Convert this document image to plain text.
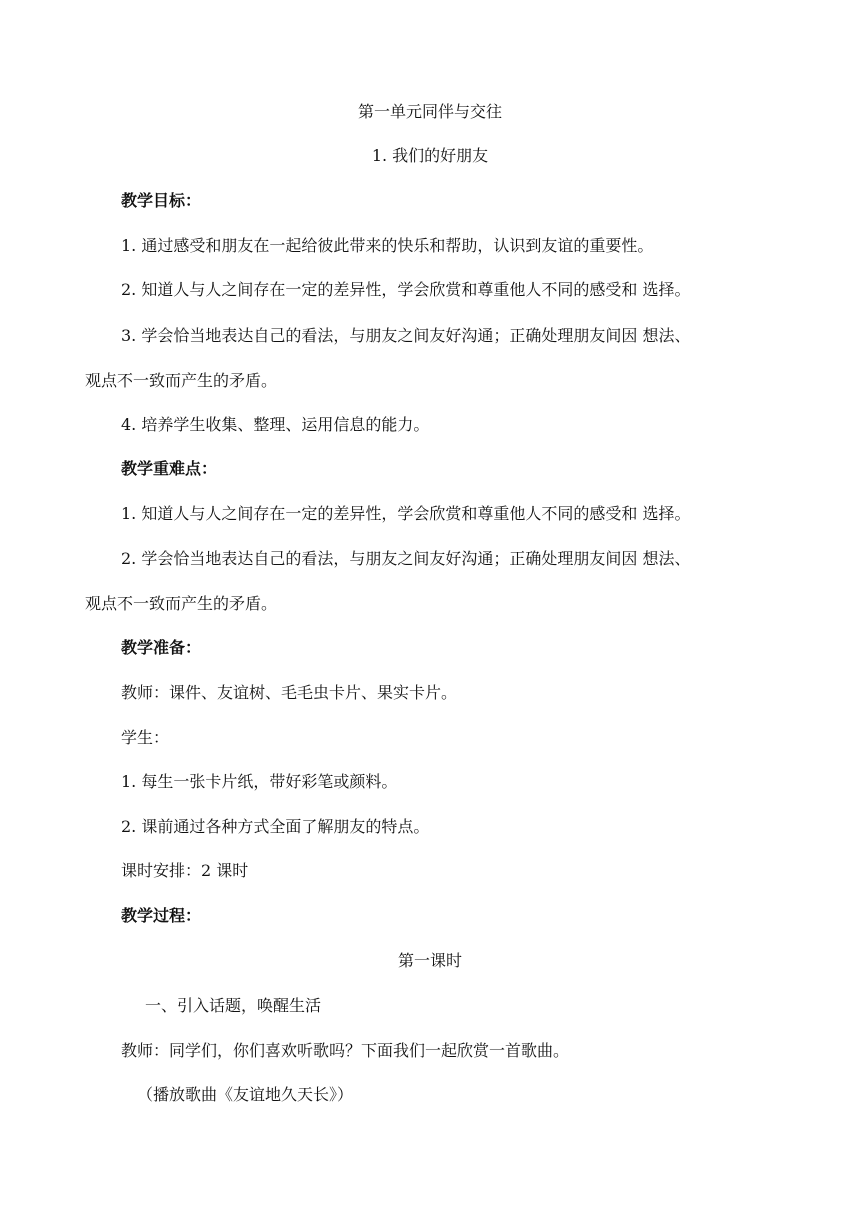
第一单元同伴与交往
1. 我们的好朋友
教学目标：
1. 通过感受和朋友在一起给彼此带来的快乐和帮助，认识到友谊的重要性。
2. 知道人与人之间存在一定的差异性，学会欣赏和尊重他人不同的感受和 选择。
3. 学会恰当地表达自己的看法，与朋友之间友好沟通；正确处理朋友间因 想法、
观点不一致而产生的矛盾。
4. 培养学生收集、整理、运用信息的能力。
教学重难点：
1. 知道人与人之间存在一定的差异性，学会欣赏和尊重他人不同的感受和 选择。
2. 学会恰当地表达自己的看法，与朋友之间友好沟通；正确处理朋友间因 想法、
观点不一致而产生的矛盾。
教学准备：
教师：课件、友谊树、毛毛虫卡片、果实卡片。
学生：
1. 每生一张卡片纸，带好彩笔或颜料。
2. 课前通过各种方式全面了解朋友的特点。
课时安排：2 课时
教学过程：
第一课时
一、引入话题，唤醒生活
教师：同学们，你们喜欢听歌吗？下面我们一起欣赏一首歌曲。
（播放歌曲《友谊地久天长》）
